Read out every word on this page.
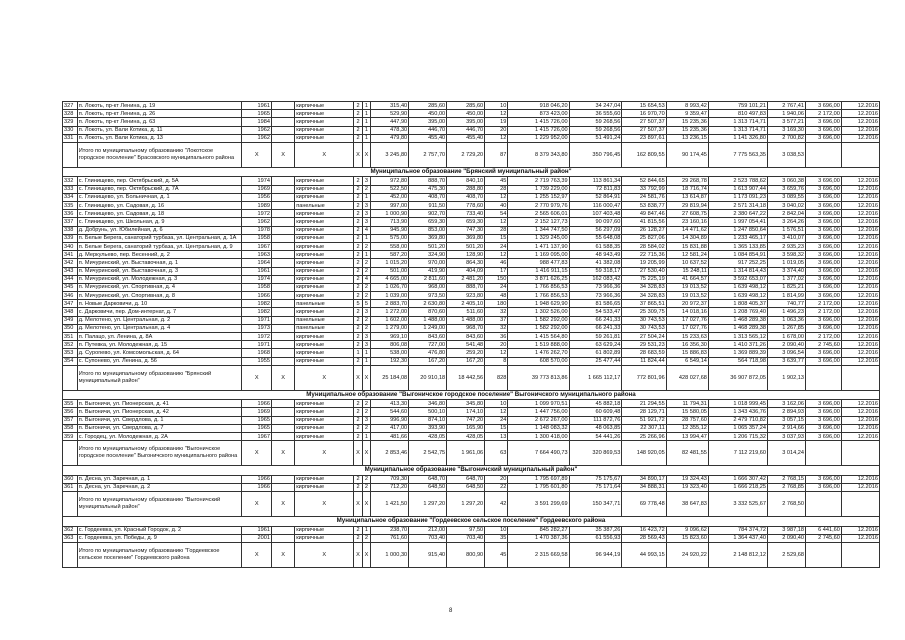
327	п. Локоть, пр-кт Ленина, д. 19	1961		кирпичные	2	1	315,40	285,60	285,60	10	918 046,20	34 247,04	15 654,53	8 993,42	759 101,21	2 767,41	3 696,00	12.2016
328	п. Локоть, пр-кт Ленина, д. 26	1965		кирпичные	2	1	529,90	450,00	450,00	12	873 423,00	36 555,60	16 970,70	9 359,47	810 497,83	1 940,06	2 172,00	12.2016
329	п. Локоть, пр-кт Ленина, д. 63	1984		кирпичные	2	1	447,90	395,00	395,00	19	1 415 726,00	59 268,56	27 507,37	15 235,36	1 313 714,71	3 577,21	3 696,00	12.2016
330	п. Локоть, ул. Вали Котика, д. 11	1962		кирпичные	2	1	478,30	446,70	446,70	20	1 415 726,00	59 268,56	27 507,37	15 235,36	1 313 714,71	3 169,30	3 696,00	12.2016
331	п. Локоть, ул. Вали Котика, д. 13	1962		кирпичные	2	1	479,80	455,40	455,40	12	1 229 952,00	51 491,24	23 897,61	13 236,15	1 141 326,80	2 700,82	3 696,00	12.2016
	Итого по муниципальному образованию "Локотское городское поселение" Брасовского муниципального района	X	X	X	X	X	3 245,80	2 757,70	2 729,20	87	8 379 343,80	350 796,45	162 809,55	90 174,45	7 775 563,35	3 038,53		
Муниципальное образование "Брянский муниципальный район"																		
332	с. Глинищево, пер. Октябрьский, д. 5А	1974		кирпичные	2	3	972,80	888,70	840,10	45	2 719 763,39	113 861,34	52 844,65	29 268,78	2 523 788,62	3 060,38	3 696,00	12.2016
333	с. Глинищево, пер. Октябрьский, д. 7А	1969		кирпичные	2	2	522,50	475,30	288,80	28	1 739 229,00	72 811,83	33 792,99	18 716,74	1 613 907,44	3 659,76	3 696,00	12.2016
334	с. Глинищево, ул. Больничная, д. 1	1956		кирпичные	2	1	452,00	408,70	408,70	12	1 255 152,97	52 864,91	24 581,76	13 614,87	1 173 091,23	3 089,55	3 696,00	12.2016
335	с. Глинищево, ул. Садовая, д. 16	1989		панельные	2	3	997,00	911,50	778,60	40	2 770 979,76	116 000,47	53 838,77	29 819,94	2 571 314,18	3 040,02	3 696,00	12.2016
336	с. Глинищево, ул. Садовая, д. 18	1972		кирпичные	2	3	1 000,90	902,70	733,40	54	2 565 606,01	107 403,48	49 847,46	27 608,75	2 380 647,22	2 842,04	3 696,00	12.2016
337	с. Глинищево, ул. Школьная, д. 9	1962		кирпичные	2	3	713,90	659,30	659,30	12	2 152 127,73	90 097,60	41 815,56	23 160,16	1 997 054,41	3 264,26	3 696,00	12.2016
338	д. Добрунь, ул. Юбилейная, д. 6	1978		кирпичные	2	4	945,90	853,00	747,30	28	1 344 747,50	56 297,09	26 128,27	14 471,62	1 247 850,64	1 576,51	3 696,00	12.2016
339	п. Белые Берега, санаторий турбаза, ул. Центральная, д. 1А	1958		кирпичные	2	1	575,00	369,80	369,80	15	1 329 245,00	55 648,08	25 827,06	14 304,89	1 233 465,17	3 410,07	3 696,00	12.2016
340	п. Белые Берега, санаторий турбаза, ул. Центральная, д. 9	1967		кирпичные	2	2	558,00	501,20	501,20	24	1 471 137,90	61 588,35	28 584,02	15 831,88	1 365 133,85	2 935,23	3 696,00	12.2016
341	д. Меркульево, пер. Весенний, д. 2	1963		кирпичные	2	1	587,20	324,90	128,90	12	1 169 095,00	48 943,49	22 715,36	12 581,24	1 084 854,91	3 598,32	3 696,00	12.2016
342	п. Мичуринский, ул. Выставочная, д. 1	1964		кирпичные	2	2	1 015,20	970,00	864,30	46	988 477,83	41 382,08	19 205,99	10 637,52	917 252,25	1 019,05	3 696,00	12.2016
343	п. Мичуринский, ул. Выставочная, д. 3	1961		кирпичные	2	2	501,00	419,90	404,09	17	1 416 911,15	59 318,17	27 530,40	15 248,11	1 314 814,43	3 374,40	3 696,00	12.2016
344	п. Мичуринский, ул. Молодежная, д. 3	1974		кирпичные	2	4	4 665,00	2 811,60	2 481,20	150	3 871 626,25	162 083,42	75 225,19	41 664,57	3 592 653,07	1 377,02	3 696,00	12.2016
345	п. Мичуринский, ул. Спортивная, д. 4	1958		кирпичные	2	2	1 026,70	968,00	888,70	24	1 766 856,53	73 966,36	34 328,83	19 013,52	1 639 498,12	1 825,21	3 696,00	12.2016
346	п. Мичуринский, ул. Спортивная, д. 8	1966		кирпичные	2	2	1 039,00	973,50	923,80	48	1 766 856,53	73 966,36	34 328,83	19 013,52	1 639 498,12	1 814,99	3 696,00	12.2016
347	п. Новые Дарковичи, д. 10	1982		панельные	5	5	2 883,70	2 630,80	2 405,10	180	1 948 629,90	81 586,65	37 865,51	20 972,37	1 808 405,37	740,77	2 172,00	12.2016
348	с. Дарковичи, пер. Дом-интернат, д. 7	1982		кирпичные	2	3	1 272,00	870,60	511,60	32	1 302 526,00	54 533,47	25 309,75	14 018,16	1 208 769,40	1 496,23	2 172,00	12.2016
349	д. Мелотено, ул. Центральная, д. 2	1971		панельные	2	2	1 602,00	1 488,00	1 488,00	37	1 582 292,00	66 241,33	30 743,53	17 027,76	1 468 289,38	1 063,36	3 696,00	12.2016
350	д. Мелотено, ул. Центральная, д. 4	1973		панельные	2	2	1 279,00	1 249,00	968,70	32	1 582 292,00	66 241,33	30 743,53	17 027,76	1 468 289,38	1 267,85	3 696,00	12.2016
351	п. Палацо, ул. Ленина, д. 8А	1972		кирпичные	2	3	969,10	843,60	843,60	36	1 415 564,80	59 261,81	27 504,24	15 233,63	1 313 565,12	1 678,00	2 172,00	12.2016
352	п. Путевка, ул. Молодежная, д. 15	1971		кирпичные	2	3	806,08	727,00	541,48	20	1 519 888,00	63 629,24	29 531,23	16 356,30	1 410 371,26	2 090,40	2 745,60	12.2016
353	д. Суponево, ул. Комсомольская, д. 64	1968		кирпичные	1	1	538,00	476,80	259,20	12	1 476 262,70	61 802,89	28 683,59	15 886,83	1 369 889,39	3 096,54	3 696,00	12.2016
354	с. Супонево, ул. Ленина, д. 56	1955		кирпичные	2	1	192,30	167,20	167,20	8	608 570,00	25 477,44	11 824,44	6 549,14	564 718,98	3 639,77	3 696,00	12.2016
	Итого по муниципальному образованию "Брянский муниципальный район"	X	X	X	X	X	25 184,08	20 910,18	18 442,56	828	39 773 813,86	1 665 112,17	772 801,96	428 027,68	36 907 872,05	1 902,13		
Муниципальное образование "Выгоничское городское поселение" Выгоничского муниципального района																		
355	п. Выгоничи, ул. Пионерская, д. 41	1966		кирпичные	2	2	413,30	346,80	345,80	10	1 099 970,51	45 882,18	21 294,55	11 794,31	1 018 999,45	3 162,06	3 696,00	12.2016
356	п. Выгоничи, ул. Пионерская, д. 42	1969		кирпичные	2	2	544,60	500,10	174,10	12	1 447 756,00	60 609,48	28 129,71	15 580,05	1 343 436,76	2 894,93	3 696,00	12.2016
357	п. Выгоничи, ул. Свердлова, д. 1	1965		кирпичные	2	3	996,90	874,10	747,20	24	2 672 267,00	111 872,76	51 921,72	28 757,60	2 479 710,82	3 057,15	3 696,00	12.2016
358	п. Выгоничи, ул. Свердлова, д. 7	1965		кирпичные	2	2	417,00	393,90	165,90	15	1 148 083,32	48 063,85	22 307,11	12 355,12	1 065 357,24	2 914,66	3 696,00	12.2016
359	с. Городец, ул. Молодежная, д. 2А	1967		кирпичные	2	1	481,66	428,05	428,05	13	1 300 418,00	54 441,26	25 266,96	13 994,47	1 206 715,32	3 037,93	3 696,00	12.2016
	Итого по муниципальному образованию "Выгоничское городское поселение" Выгоничского муниципального района	X	X	X	X	X	2 853,46	2 542,75	1 961,06	63	7 664 490,73	320 869,53	148 920,05	82 481,55	7 112 219,60	3 014,24		
Муниципальное образование "Выгоничский муниципальный район"																		
360	п. Десна, ул. Заречная, д. 1	1966		кирпичные	2	2	709,30	648,70	648,70	20	1 795 697,89	75 175,67	34 890,17	19 324,43	1 666 307,42	2 768,15	3 696,00	12.2016
361	п. Десна, ул. Заречная, д. 2	1966		кирпичные	2	2	712,20	648,50	648,50	22	1 795 601,80	75 171,64	34 888,31	19 323,40	1 666 218,25	2 768,85	3 696,00	12.2016
	Итого по муниципальному образованию "Выгоничский муниципальный район"	X	X	X	X	X	1 421,50	1 297,20	1 297,20	42	3 591 299,69	150 347,71	69 778,48	38 647,83	3 332 525,67	2 768,50		
Муниципальное образование "Гордеевское сельское поселение" Гордеевского района																		
362	с. Гордеевка, ул. Красный Городок, д. 2	1961		кирпичные	2	1	238,70	212,00	97,50	10	845 282,27	35 387,26	16 423,72	9 096,62	784 374,72	3 987,18	6 441,60	12.2016
363	с. Гордеевка, ул. Победы, д. 9	2001		кирпичные	2	2	761,60	703,40	703,40	35	1 470 387,36	61 556,93	28 569,43	15 823,60	1 364 437,40	2 090,40	2 745,60	12.2016
	Итого по муниципальному образованию "Гордеевское сельское поселение" Гордеевского района	X	X	X	X	X	1 000,30	915,40	800,90	45	2 315 669,58	96 944,19	44 993,15	24 920,22	2 148 812,12	2 529,68		
8
